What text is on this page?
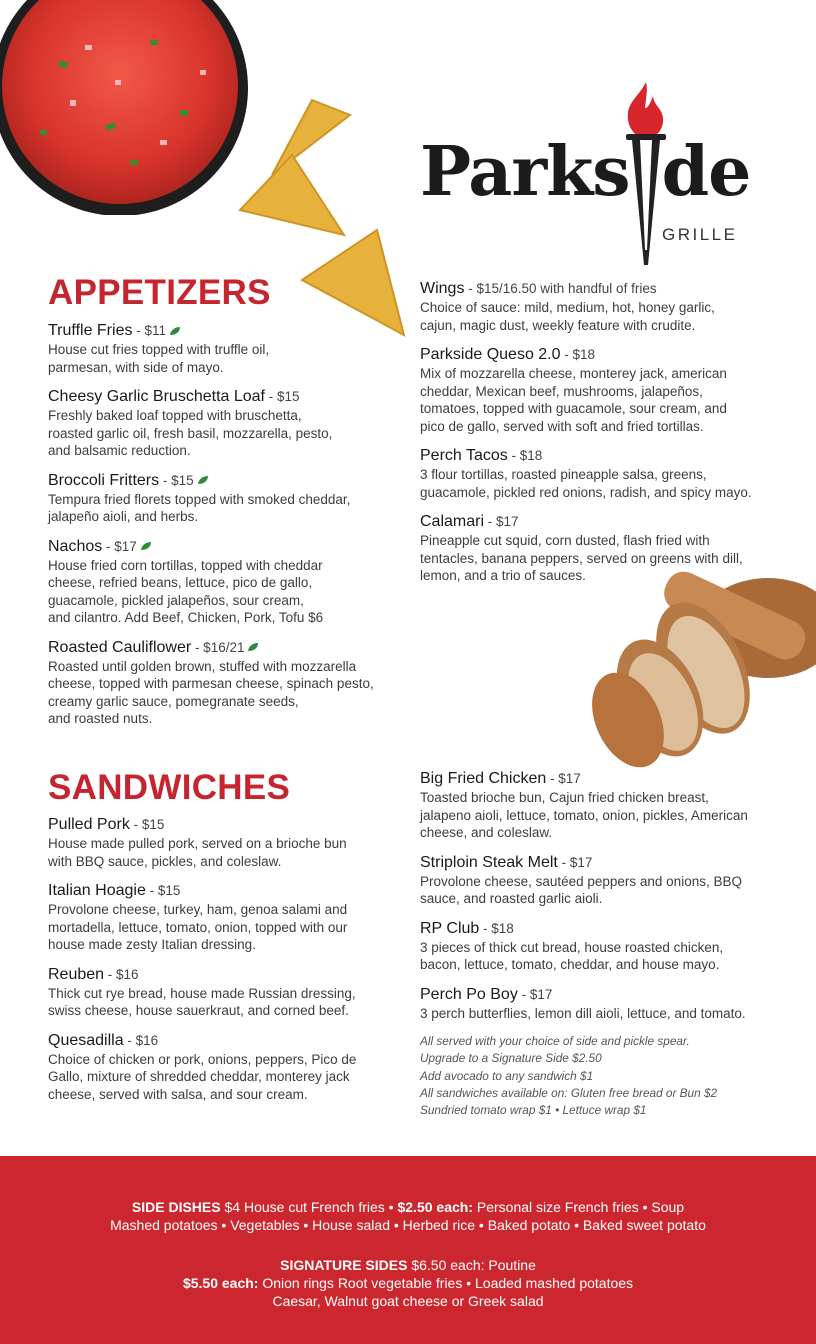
Parks de
GRILLE
APPETIZERS
Truffle Fries - $11
House cut fries topped with truffle oil,
parmesan, with side of mayo.
Cheesy Garlic Bruschetta Loaf - $15
Freshly baked loaf topped with bruschetta,
roasted garlic oil, fresh basil, mozzarella, pesto,
and balsamic reduction.
Broccoli Fritters - $15
Tempura fried florets topped with smoked cheddar,
jalapeño aioli, and herbs.
Nachos - $17
House fried corn tortillas, topped with cheddar
cheese, refried beans, lettuce, pico de gallo,
guacamole, pickled jalapeños, sour cream,
and cilantro. Add Beef, Chicken, Pork, Tofu $6
Roasted Cauliflower - $16/21
Roasted until golden brown, stuffed with mozzarella
cheese, topped with parmesan cheese, spinach pesto,
creamy garlic sauce, pomegranate seeds,
and roasted nuts.
Wings - $15/16.50 with handful of fries
Choice of sauce: mild, medium, hot, honey garlic,
cajun, magic dust, weekly feature with crudite.
Parkside Queso 2.0 - $18
Mix of mozzarella cheese, monterey jack, american
cheddar, Mexican beef, mushrooms, jalapeños,
tomatoes, topped with guacamole, sour cream, and
pico de gallo, served with soft and fried tortillas.
Perch Tacos - $18
3 flour tortillas, roasted pineapple salsa, greens,
guacamole, pickled red onions, radish, and spicy mayo.
Calamari - $17
Pineapple cut squid, corn dusted, flash fried with
tentacles, banana peppers, served on greens with dill,
lemon, and a trio of sauces.
SANDWICHES
Pulled Pork - $15
House made pulled pork, served on a brioche bun
with BBQ sauce, pickles, and coleslaw.
Italian Hoagie - $15
Provolone cheese, turkey, ham, genoa salami and
mortadella, lettuce, tomato, onion, topped with our
house made zesty Italian dressing.
Reuben - $16
Thick cut rye bread, house made Russian dressing,
swiss cheese, house sauerkraut, and corned beef.
Quesadilla - $16
Choice of chicken or pork, onions, peppers, Pico de
Gallo, mixture of shredded cheddar, monterey jack
cheese, served with salsa, and sour cream.
Big Fried Chicken - $17
Toasted brioche bun, Cajun fried chicken breast,
jalapeno aioli, lettuce, tomato, onion, pickles, American
cheese, and coleslaw.
Striploin Steak Melt - $17
Provolone cheese, sautéed peppers and onions, BBQ
sauce, and roasted garlic aioli.
RP Club - $18
3 pieces of thick cut bread, house roasted chicken,
bacon, lettuce, tomato, cheddar, and house mayo.
Perch Po Boy - $17
3 perch butterflies, lemon dill aioli, lettuce, and tomato.
All served with your choice of side and pickle spear.
Upgrade to a Signature Side $2.50
Add avocado to any sandwich $1
All sandwiches available on: Gluten free bread or Bun $2
Sundried tomato wrap $1 • Lettuce wrap $1
SIDE DISHES $4 House cut French fries • $2.50 each: Personal size French fries • Soup
Mashed potatoes • Vegetables • House salad • Herbed rice • Baked potato • Baked sweet potato
SIGNATURE SIDES $6.50 each: Poutine
$5.50 each: Onion rings Root vegetable fries • Loaded mashed potatoes
Caesar, Walnut goat cheese or Greek salad
